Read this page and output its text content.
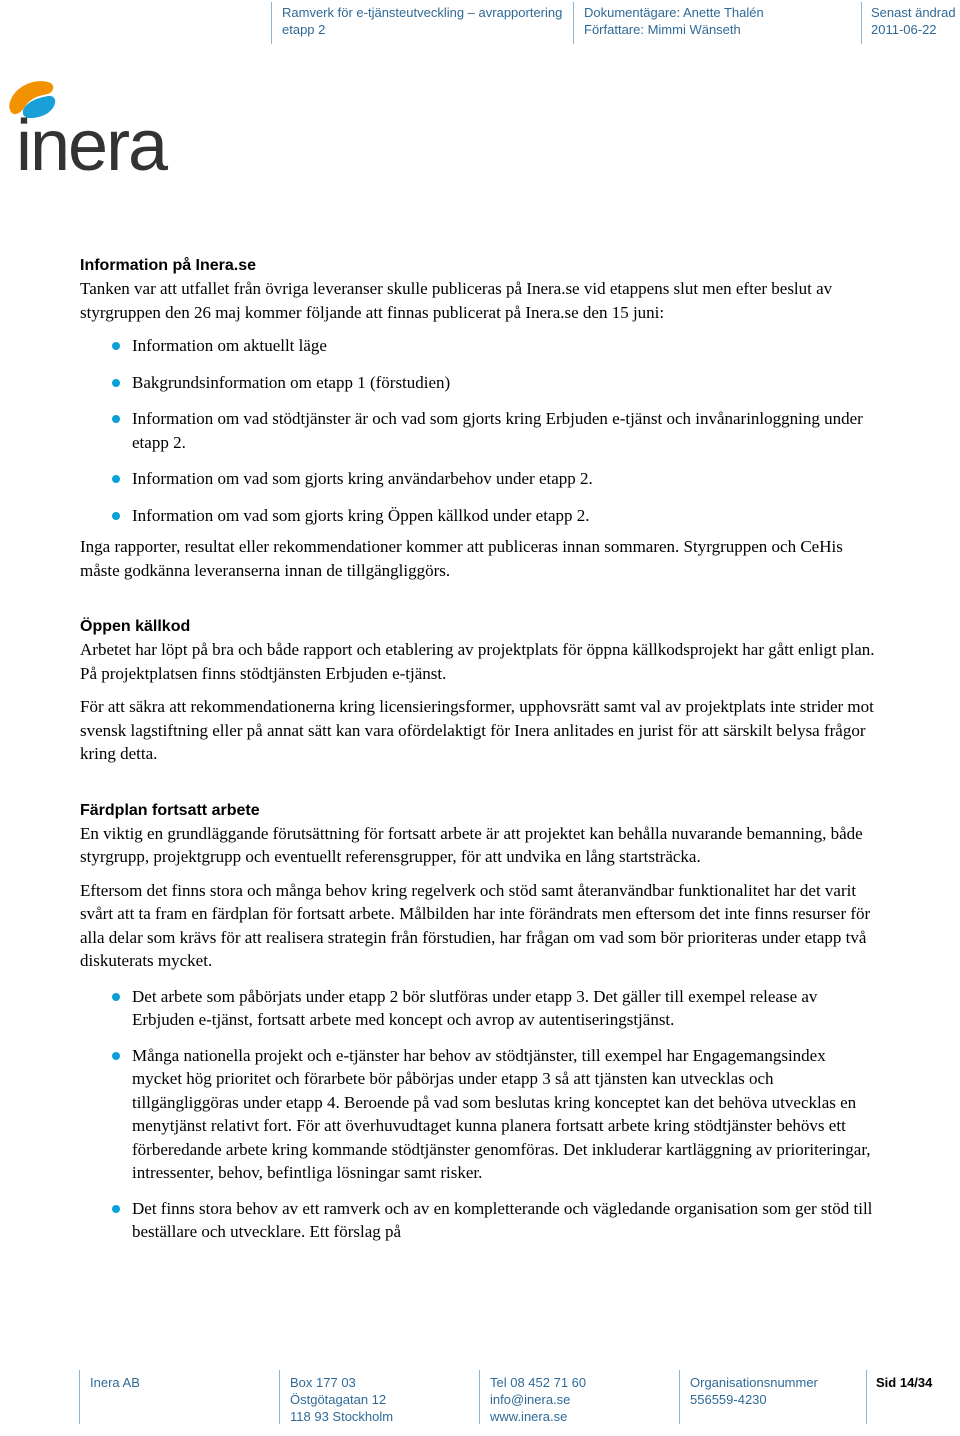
Ramverk för e-tjänsteutveckling – avrapportering
etapp 2
Dokumentägare: Anette Thalén
Författare: Mimmi Wänseth
Senast ändrad
2011-06-22
inera
Information på Inera.se

Tanken var att utfallet från övriga leveranser skulle publiceras på Inera.se vid etappens slut men efter beslut av styrgruppen den 26 maj kommer följande att finnas publicerat på Inera.se den 15 juni:

Information om aktuellt läge
Bakgrundsinformation om etapp 1 (förstudien)
Information om vad stödtjänster är och vad som gjorts kring Erbjuden e-tjänst och invånarinloggning under etapp 2.
Information om vad som gjorts kring användarbehov under etapp 2.
Information om vad som gjorts kring Öppen källkod under etapp 2.

Inga rapporter, resultat eller rekommendationer kommer att publiceras innan sommaren. Styrgruppen och CeHis måste godkänna leveranserna innan de tillgängliggörs.

Öppen källkod

Arbetet har löpt på bra och både rapport och etablering av projektplats för öppna källkodsprojekt har gått enligt plan. På projektplatsen finns stödtjänsten Erbjuden e-tjänst.

För att säkra att rekommendationerna kring licensieringsformer, upphovsrätt samt val av projektplats inte strider mot svensk lagstiftning eller på annat sätt kan vara ofördelaktigt för Inera anlitades en jurist för att särskilt belysa frågor kring detta.

Färdplan fortsatt arbete

En viktig en grundläggande förutsättning för fortsatt arbete är att projektet kan behålla nuvarande bemanning, både styrgrupp, projektgrupp och eventuellt referensgrupper, för att undvika en lång startsträcka.

Eftersom det finns stora och många behov kring regelverk och stöd samt återanvändbar funktionalitet har det varit svårt att ta fram en färdplan för fortsatt arbete. Målbilden har inte förändrats men eftersom det inte finns resurser för alla delar som krävs för att realisera strategin från förstudien, har frågan om vad som bör prioriteras under etapp två diskuterats mycket.

Det arbete som påbörjats under etapp 2 bör slutföras under etapp 3. Det gäller till exempel release av Erbjuden e-tjänst, fortsatt arbete med koncept och avrop av autentiseringstjänst.
Många nationella projekt och e-tjänster har behov av stödtjänster, till exempel har Engagemangsindex mycket hög prioritet och förarbete bör påbörjas under etapp 3 så att tjänsten kan utvecklas och tillgängliggöras under etapp 4. Beroende på vad som beslutas kring konceptet kan det behöva utvecklas en menytjänst relativt fort. För att överhuvudtaget kunna planera fortsatt arbete kring stödtjänster behövs ett förberedande arbete kring kommande stödtjänster genomföras. Det inkluderar kartläggning av prioriteringar, intressenter, behov, befintliga lösningar samt risker.
Det finns stora behov av ett ramverk och av en kompletterande och vägledande organisation som ger stöd till beställare och utvecklare. Ett förslag på
Inera AB	Box 177 03
Östgötagatan 12
118 93 Stockholm
Tel 08 452 71 60
info@inera.se
www.inera.se
Organisationsnummer
556559-4230
Sid 14/34
